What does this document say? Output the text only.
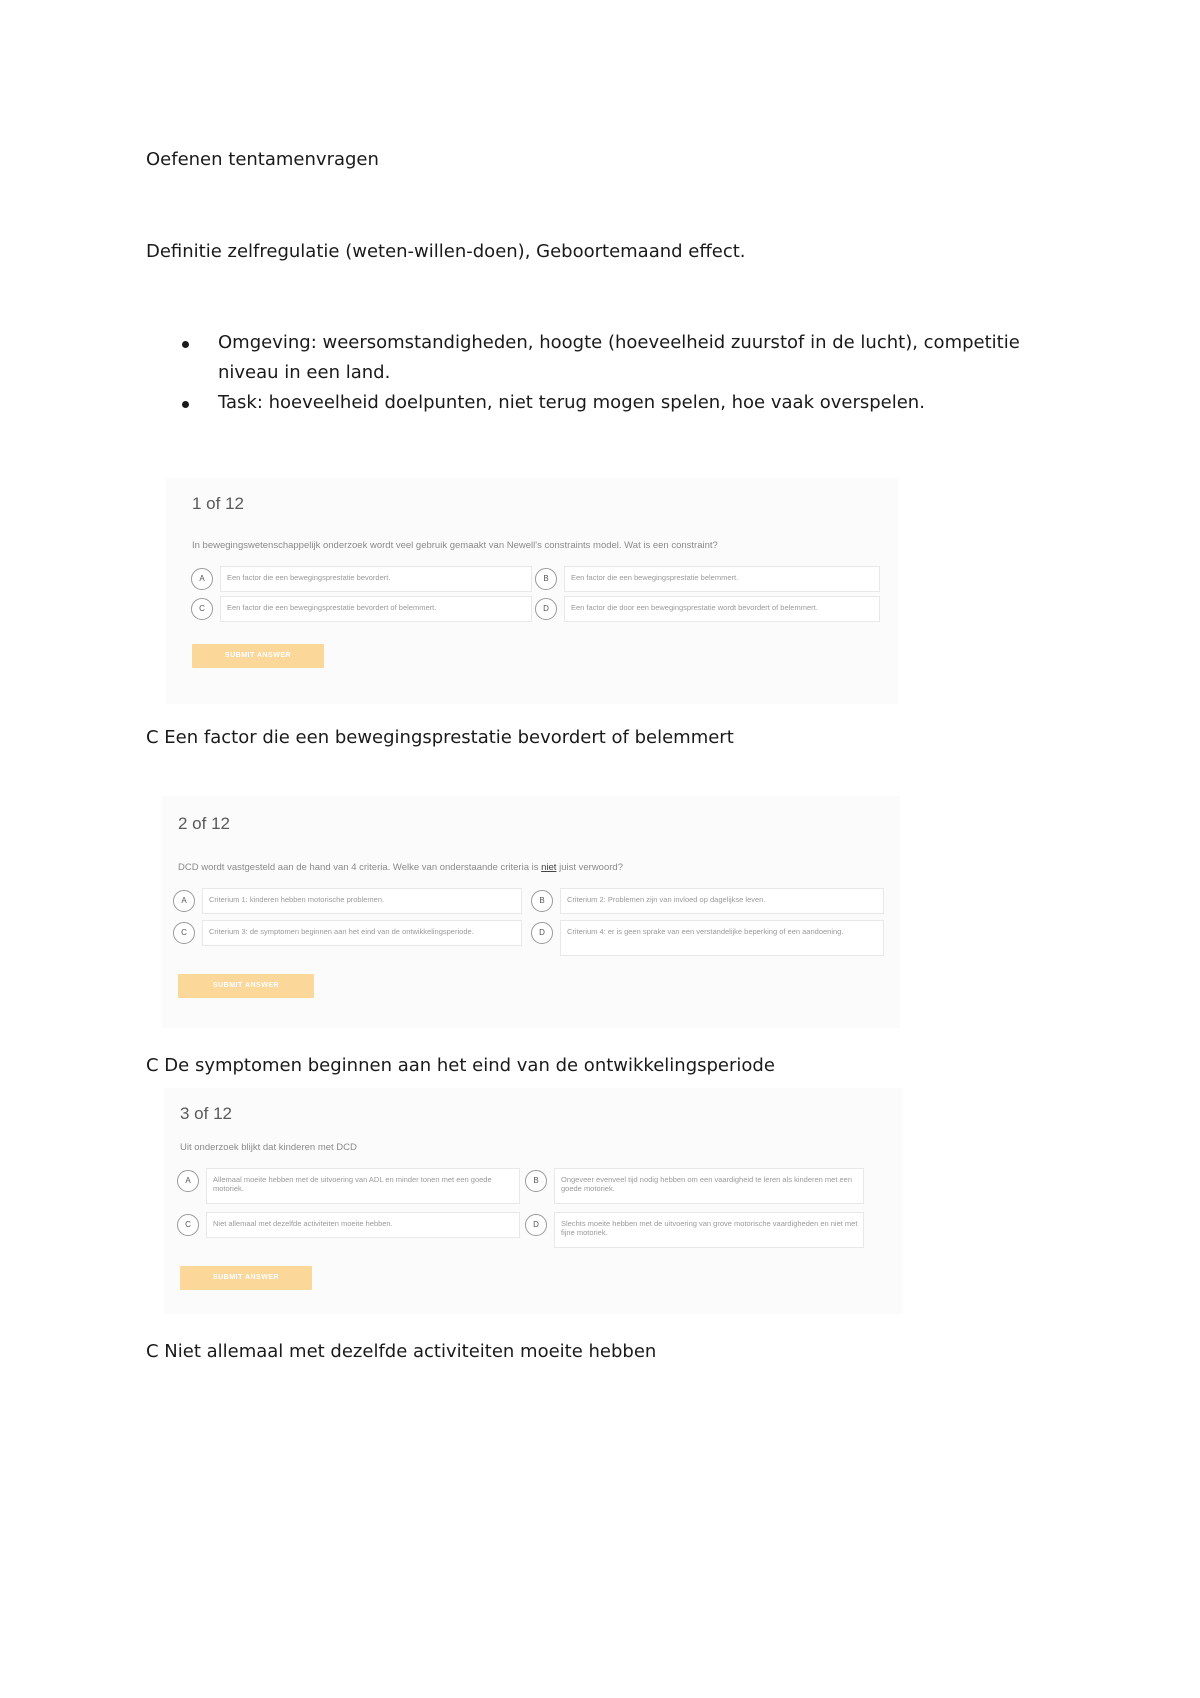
Oefenen tentamenvragen
Definitie zelfregulatie (weten-willen-doen), Geboortemaand effect.
Omgeving: weersomstandigheden, hoogte (hoeveelheid zuurstof in de lucht), competitie niveau in een land.
Task: hoeveelheid doelpunten, niet terug mogen spelen, hoe vaak overspelen.
1 of 12
In bewegingswetenschappelijk onderzoek wordt veel gebruik gemaakt van Newell's constraints model. Wat is een constraint?
A	Een factor die een bewegingsprestatie bevordert.	B	Een factor die een bewegingsprestatie belemmert.
C	Een factor die een bewegingsprestatie bevordert of belemmert.	D	Een factor die door een bewegingsprestatie wordt bevordert of belemmert.
SUBMIT ANSWER
C Een factor die een bewegingsprestatie bevordert of belemmert
2 of 12
DCD wordt vastgesteld aan de hand van 4 criteria. Welke van onderstaande criteria is niet juist verwoord?
A	Criterium 1: kinderen hebben motorische problemen.	B	Criterium 2: Problemen zijn van invloed op dagelijkse leven.
C	Criterium 3: de symptomen beginnen aan het eind van de ontwikkelingsperiode.	D	Criterium 4: er is geen sprake van een verstandelijke beperking of een aandoening.
SUBMIT ANSWER
C De symptomen beginnen aan het eind van de ontwikkelingsperiode
3 of 12
Uit onderzoek blijkt dat kinderen met DCD
A	Allemaal moeite hebben met de uitvoering van ADL en minder tonen met een goede motoriek.
B	Ongeveer evenveel tijd nodig hebben om een vaardigheid te leren als kinderen met een goede motoriek.
C	Niet allemaal met dezelfde activiteiten moeite hebben.	D	Slechts moeite hebben met de uitvoering van grove motorische vaardigheden en niet met fijne motoriek.
SUBMIT ANSWER
C Niet allemaal met dezelfde activiteiten moeite hebben
